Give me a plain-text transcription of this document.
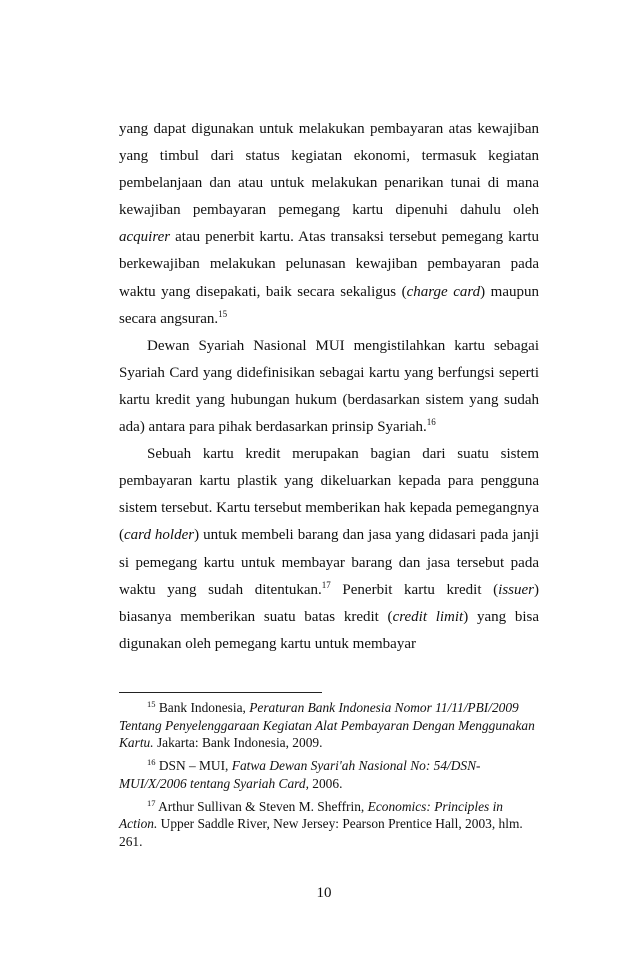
yang dapat digunakan untuk melakukan pembayaran atas kewajiban yang timbul dari status kegiatan ekonomi, termasuk kegiatan pembelanjaan dan atau untuk melakukan penarikan tunai di mana kewajiban pembayaran pemegang kartu dipenuhi dahulu oleh acquirer atau penerbit kartu. Atas transaksi tersebut pemegang kartu berkewajiban melakukan pelunasan kewajiban pembayaran pada waktu yang disepakati, baik secara sekaligus (charge card) maupun secara angsuran.$^{15}$

Dewan Syariah Nasional MUI mengistilahkan kartu sebagai Syariah Card yang didefinisikan sebagai kartu yang berfungsi seperti kartu kredit yang hubungan hukum (berdasarkan sistem yang sudah ada) antara para pihak berdasarkan prinsip Syariah.$^{16}$

Sebuah kartu kredit merupakan bagian dari suatu sistem pembayaran kartu plastik yang dikeluarkan kepada para pengguna sistem tersebut. Kartu tersebut memberikan hak kepada pemegangnya (card holder) untuk membeli barang dan jasa yang didasari pada janji si pemegang kartu untuk membayar barang dan jasa tersebut pada waktu yang sudah ditentukan.$^{17}$ Penerbit kartu kredit (issuer) biasanya memberikan suatu batas kredit (credit limit) yang bisa digunakan oleh pemegang kartu untuk membayar

$^{15}$ Bank Indonesia, Peraturan Bank Indonesia Nomor 11/11/PBI/2009 Tentang Penyelenggaraan Kegiatan Alat Pembayaran Dengan Menggunakan Kartu. Jakarta: Bank Indonesia, 2009.

$^{16}$ DSN – MUI, Fatwa Dewan Syari'ah Nasional No: 54/DSN-MUI/X/2006 tentang Syariah Card, 2006.

$^{17}$ Arthur Sullivan & Steven M. Sheffrin, Economics: Principles in Action. Upper Saddle River, New Jersey: Pearson Prentice Hall, 2003, hlm. 261.

10
